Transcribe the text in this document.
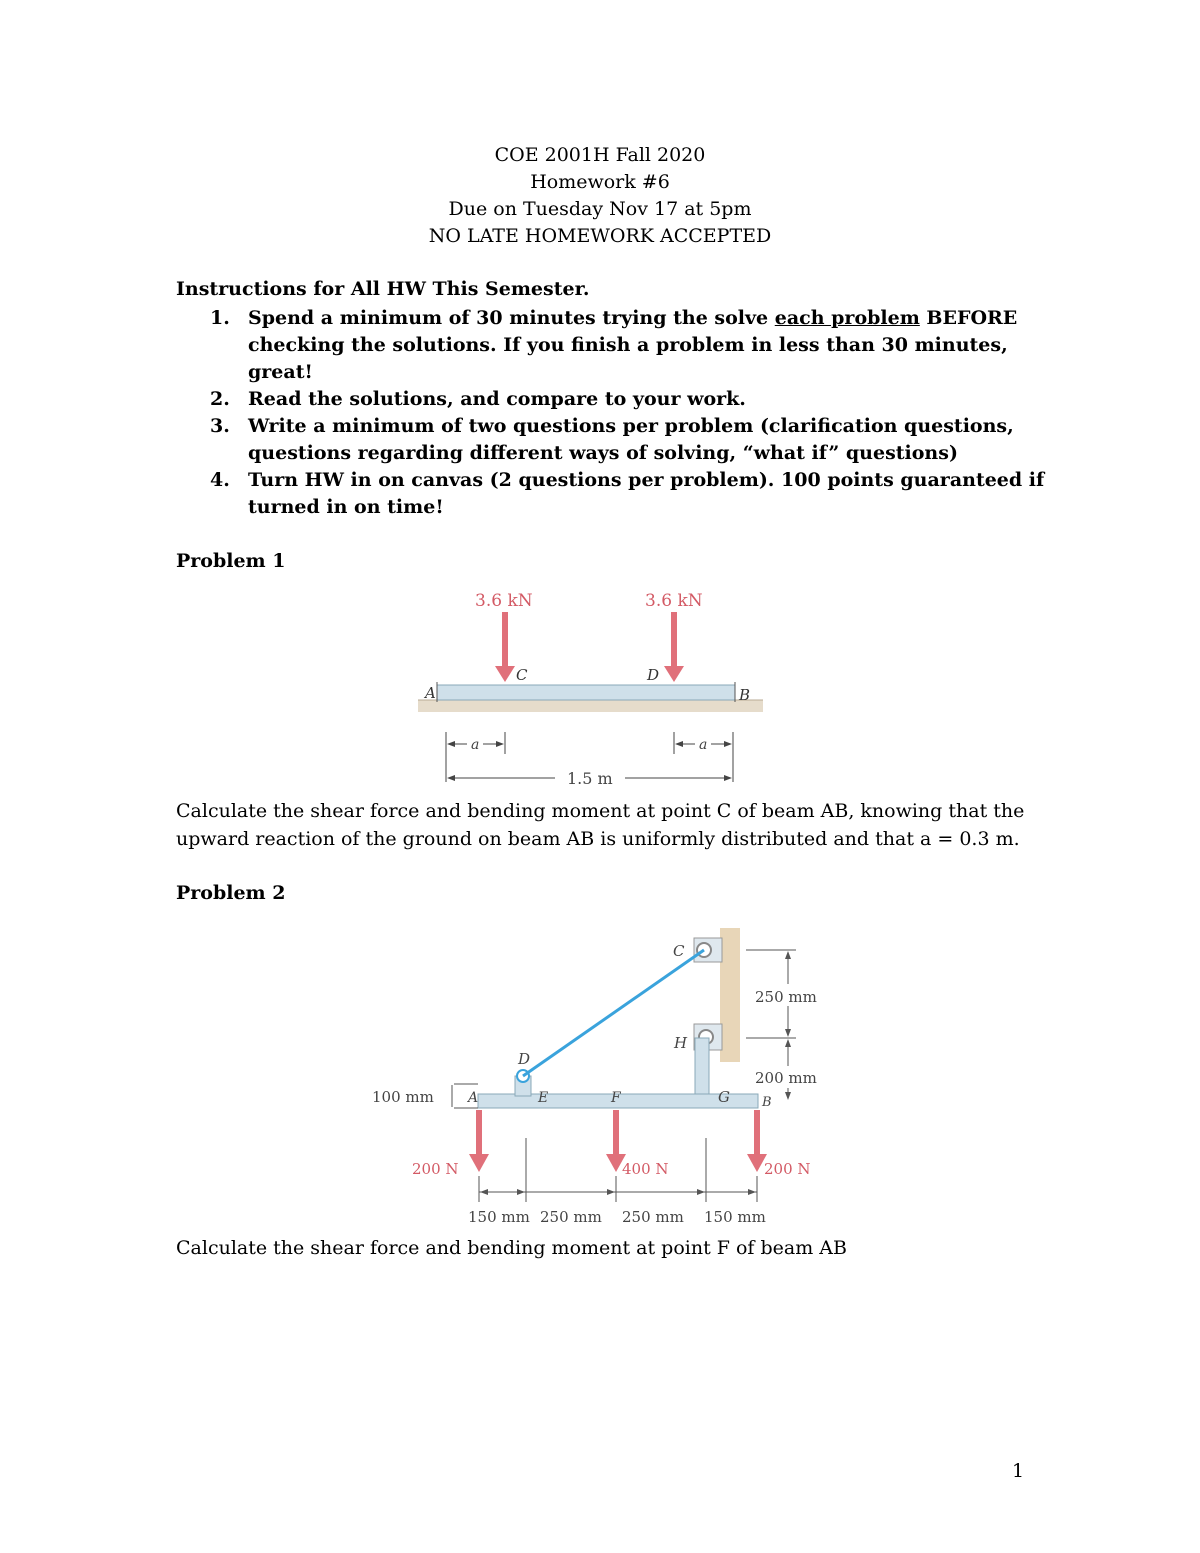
COE 2001H Fall 2020
Homework #6
Due on Tuesday Nov 17 at 5pm
NO LATE HOMEWORK ACCEPTED
Instructions for All HW This Semester.
1. Spend a minimum of 30 minutes trying the solve each problem BEFORE checking the solutions. If you finish a problem in less than 30 minutes, great!
2. Read the solutions, and compare to your work.
3. Write a minimum of two questions per problem (clarification questions, questions regarding different ways of solving, “what if” questions)
4. Turn HW in on canvas (2 questions per problem). 100 points guaranteed if turned in on time!
Problem 1
3.6 kN	3.6 kN
C	D
A	B
a	a
1.5 m
Calculate the shear force and bending moment at point C of beam AB, knowing that the upward reaction of the ground on beam AB is uniformly distributed and that a = 0.3 m.
Problem 2
C
H
D
A	E	F	G B
100 mm
250 mm
200 mm
200 N	400 N	200 N
150 mm 250 mm 250 mm 150 mm
Calculate the shear force and bending moment at point F of beam AB
1
